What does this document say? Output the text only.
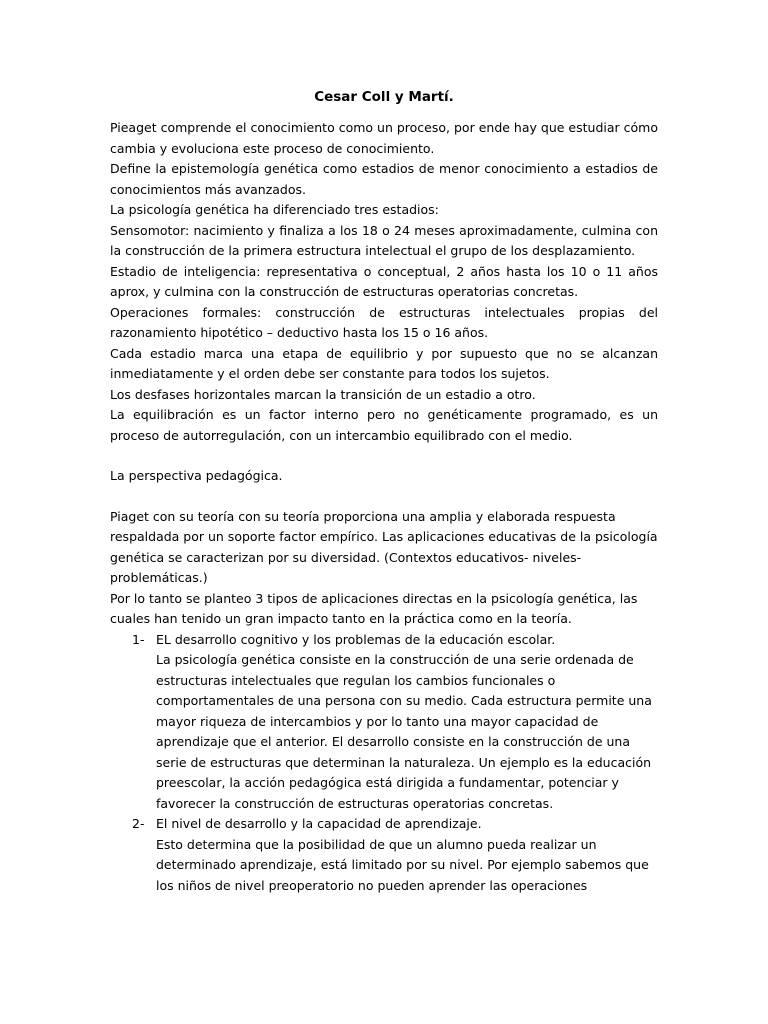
Cesar Coll y Martí.

Pieaget comprende el conocimiento como un proceso, por ende hay que estudiar cómo cambia y evoluciona este proceso de conocimiento.

Define la epistemología genética como estadios de menor conocimiento a estadios de conocimientos más avanzados.

La psicología genética ha diferenciado tres estadios:

Sensomotor: nacimiento y finaliza a los 18 o 24 meses aproximadamente, culmina con la construcción de la primera estructura intelectual el grupo de los desplazamiento.

Estadio de inteligencia: representativa o conceptual, 2 años hasta los 10 o 11 años aprox, y culmina con la construcción de estructuras operatorias concretas.

Operaciones formales: construcción de estructuras intelectuales propias del razonamiento hipotético – deductivo hasta los 15 o 16 años.

Cada estadio marca una etapa de equilibrio y por supuesto que no se alcanzan inmediatamente y el orden debe ser constante para todos los sujetos.

Los desfases horizontales marcan la transición de un estadio a otro.

La equilibración es un factor interno pero no genéticamente programado, es un proceso de autorregulación, con un intercambio equilibrado con el medio.

La perspectiva pedagógica.

Piaget con su teoría con su teoría proporciona una amplia y elaborada respuesta respaldada por un soporte factor empírico. Las aplicaciones educativas de la psicología genética se caracterizan por su diversidad. (Contextos educativos- niveles- problemáticas.)

Por lo tanto se planteo 3 tipos de aplicaciones directas en la psicología genética, las cuales han tenido un gran impacto tanto en la práctica como en la teoría.

1- EL desarrollo cognitivo y los problemas de la educación escolar.
La psicología genética consiste en la construcción de una serie ordenada de estructuras intelectuales que regulan los cambios funcionales o comportamentales de una persona con su medio. Cada estructura permite una mayor riqueza de intercambios y por lo tanto una mayor capacidad de aprendizaje que el anterior. El desarrollo consiste en la construcción de una serie de estructuras que determinan la naturaleza. Un ejemplo es la educación preescolar, la acción pedagógica está dirigida a fundamentar, potenciar y favorecer la construcción de estructuras operatorias concretas.
2- El nivel de desarrollo y la capacidad de aprendizaje.
Esto determina que la posibilidad de que un alumno pueda realizar un determinado aprendizaje, está limitado por su nivel. Por ejemplo sabemos que los niños de nivel preoperatorio no pueden aprender las operaciones
